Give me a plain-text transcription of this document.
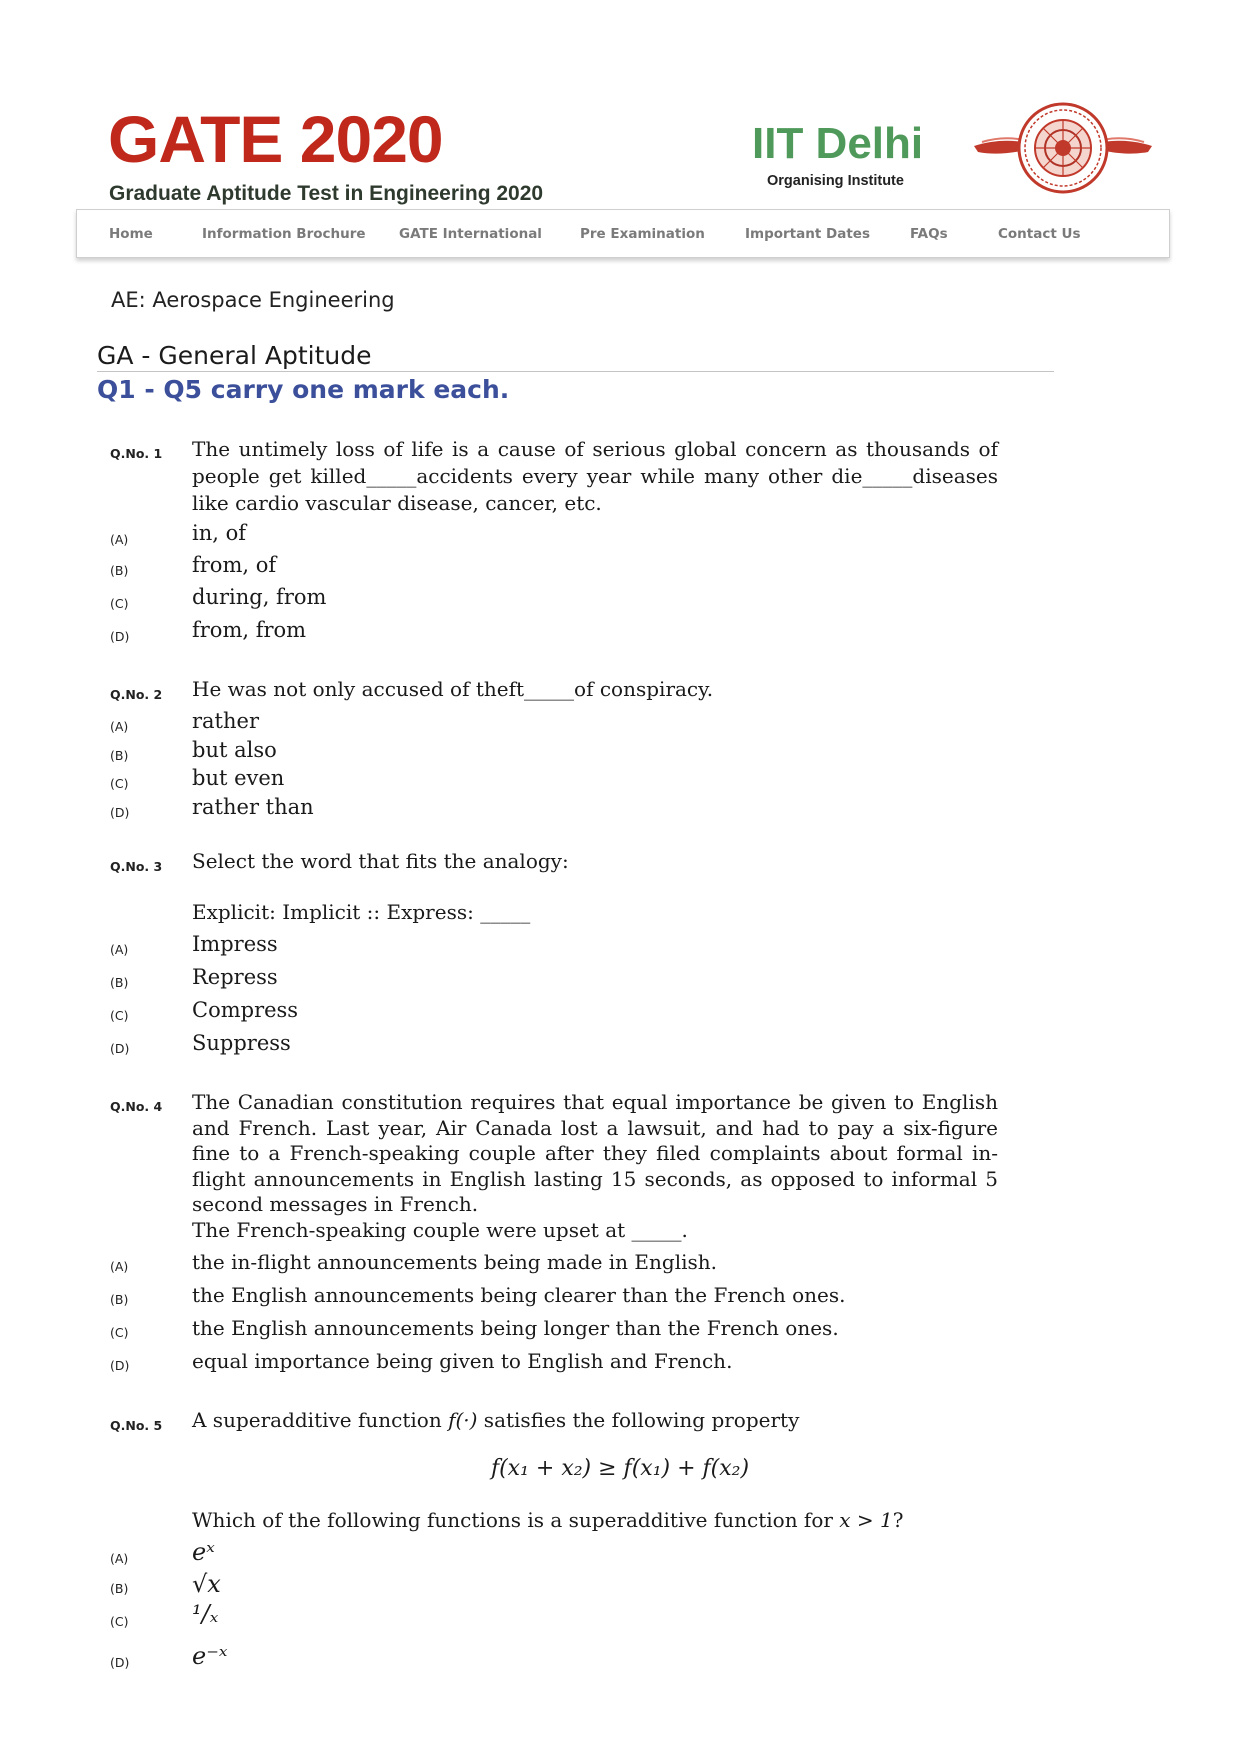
GATE 2020
Graduate Aptitude Test in Engineering 2020
IIT Delhi
Organising Institute
Home	Information Brochure GATE International	Pre Examination	Important Dates	FAQs	Contact Us
AE: Aerospace Engineering
GA - General Aptitude
Q1 - Q5 carry one mark each.
Q.No. 1 The untimely loss of life is a cause of serious global concern as thousands of people get killed_____accidents every year while many other die_____diseases like cardio vascular disease, cancer, etc.
(A)	in, of
(B)	from, of
(C)	during, from
(D)	from, from
Q.No. 2 He was not only accused of theft_____of conspiracy.
(A)	rather
(B)	but also
(C)	but even
(D)	rather than
Q.No. 3 Select the word that fits the analogy:
Explicit: Implicit :: Express: _____
(A)	Impress
(B)	Repress
(C)	Compress
(D)	Suppress
Q.No. 4 The Canadian constitution requires that equal importance be given to English and French. Last year, Air Canada lost a lawsuit, and had to pay a six-figure fine to a French-speaking couple after they filed complaints about formal in-flight announcements in English lasting 15 seconds, as opposed to informal 5 second messages in French.
The French-speaking couple were upset at _____.
(A)	the in-flight announcements being made in English.
(B)	the English announcements being clearer than the French ones.
(C)	the English announcements being longer than the French ones.
(D)	equal importance being given to English and French.
Q.No. 5 A superadditive function f(·) satisfies the following property
f(x₁ + x₂) ≥ f(x₁) + f(x₂)
Which of the following functions is a superadditive function for x > 1?
(A)	eˣ
(B)	√x
(C)	¹/ₓ
(D)	e⁻ˣ
